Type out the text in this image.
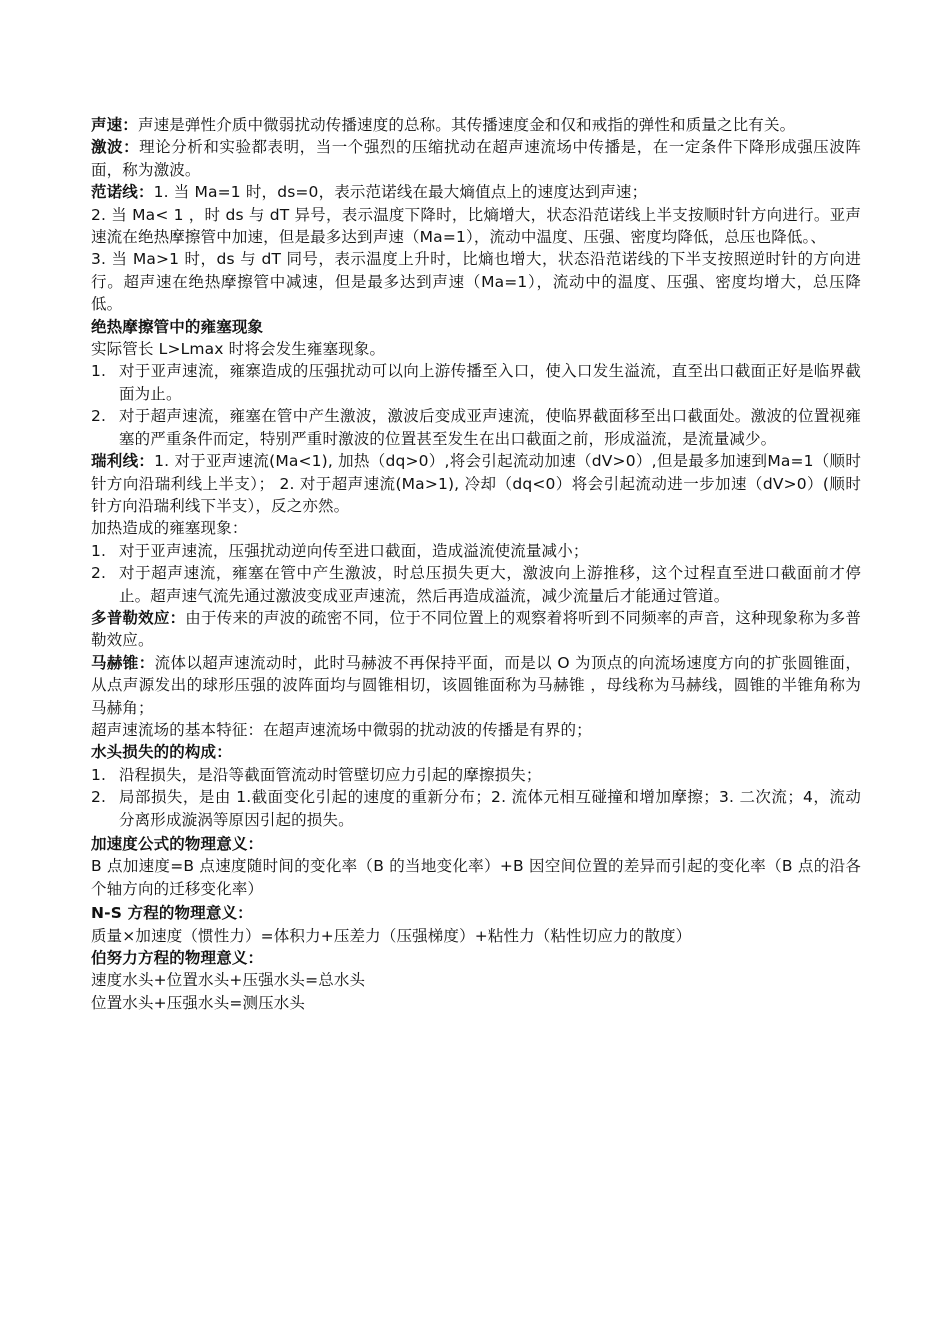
声速：声速是弹性介质中微弱扰动传播速度的总称。其传播速度金和仅和戒指的弹性和质量之比有关。

激波：理论分析和实验都表明，当一个强烈的压缩扰动在超声速流场中传播是，在一定条件下降形成强压波阵面，称为激波。

范诺线：1. 当 Ma=1 时，ds=0，表示范诺线在最大熵值点上的速度达到声速；

2. 当 Ma< 1 ，时 ds 与 dT 异号，表示温度下降时，比熵增大，状态沿范诺线上半支按顺时针方向进行。亚声速流在绝热摩擦管中加速，但是最多达到声速（Ma=1），流动中温度、压强、密度均降低，总压也降低。、

3. 当 Ma>1 时，ds 与 dT 同号，表示温度上升时，比熵也增大，状态沿范诺线的下半支按照逆时针的方向进行。超声速在绝热摩擦管中减速，但是最多达到声速（Ma=1），流动中的温度、压强、密度均增大，总压降低。

绝热摩擦管中的雍塞现象

实际管长 L>Lmax 时将会发生雍塞现象。

1. 对于亚声速流，雍寨造成的压强扰动可以向上游传播至入口，使入口发生溢流，直至出口截面正好是临界截面为止。

2. 对于超声速流，雍塞在管中产生激波，激波后变成亚声速流，使临界截面移至出口截面处。激波的位置视雍塞的严重条件而定，特别严重时激波的位置甚至发生在出口截面之前，形成溢流，是流量减少。

瑞利线：1. 对于亚声速流(Ma<1), 加热（dq>0）,将会引起流动加速（dV>0）,但是最多加速到Ma=1（顺时针方向沿瑞利线上半支）； 2. 对于超声速流(Ma>1), 冷却（dq<0）将会引起流动进一步加速（dV>0）(顺时针方向沿瑞利线下半支），反之亦然。

加热造成的雍塞现象：

1. 对于亚声速流，压强扰动逆向传至进口截面，造成溢流使流量减小；

2. 对于超声速流，雍塞在管中产生激波，时总压损失更大，激波向上游推移，这个过程直至进口截面前才停止。超声速气流先通过激波变成亚声速流，然后再造成溢流，减少流量后才能通过管道。

多普勒效应：由于传来的声波的疏密不同，位于不同位置上的观察着将听到不同频率的声音，这种现象称为多普勒效应。

马赫锥：流体以超声速流动时，此时马赫波不再保持平面，而是以 O 为顶点的向流场速度方向的扩张圆锥面，从点声源发出的球形压强的波阵面均与圆锥相切，该圆锥面称为马赫锥 ，母线称为马赫线，圆锥的半锥角称为马赫角；

超声速流场的基本特征：在超声速流场中微弱的扰动波的传播是有界的；

水头损失的的构成：

1. 沿程损失，是沿等截面管流动时管壁切应力引起的摩擦损失；

2. 局部损失，是由 1.截面变化引起的速度的重新分布；2. 流体元相互碰撞和增加摩擦；3. 二次流；4，流动分离形成漩涡等原因引起的损失。

加速度公式的物理意义：

B 点加速度=B 点速度随时间的变化率（B 的当地变化率）+B 因空间位置的差异而引起的变化率（B 点的沿各个轴方向的迁移变化率）

N-S 方程的物理意义：

质量×加速度（惯性力）=体积力+压差力（压强梯度）+粘性力（粘性切应力的散度）

伯努力方程的物理意义：

速度水头+位置水头+压强水头=总水头

位置水头+压强水头=测压水头
